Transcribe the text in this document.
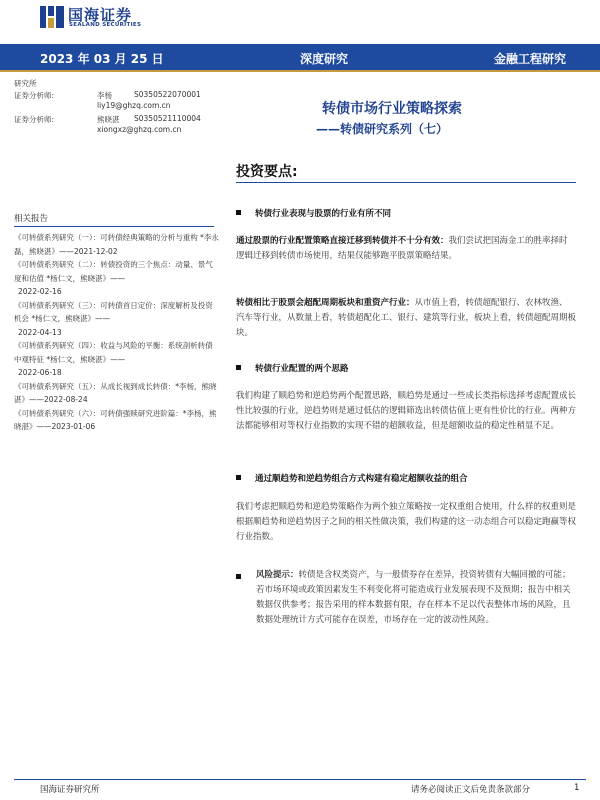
国海证券
SEALAND SECURITIES
2023 年 03 月 25 日	深度研究	金融工程研究
研究所
证券分析师:	李杨	S0350522070001
liy19@ghzq.com.cn
证券分析师:	熊晓湛 S0350521110004
xiongxz@ghzq.com.cn
转债市场行业策略探索
——转债研究系列（七）
相关报告
《可转债系列研究（一）：可转债经典策略的分析与重构 *李永磊，熊晓湛》——2021-12-02
《可转债系列研究（二）：转债投资的三个焦点：动量、景气度和估值 *杨仁文，熊晓湛》——
2022-02-16
《可转债系列研究（三）：可转债首日定价：深度解析及投资机会 *杨仁文，熊晓湛》——
2022-04-13
《可转债系列研究（四）：收益与风险的平衡：系统剖析转债中观特征 *杨仁文，熊晓湛》——
2022-06-18
《可转债系列研究（五）：从成长视到成长转债：*李杨，熊晓湛》——2022-08-24
《可转债系列研究（六）：可转债强赎研究进阶篇：*李杨，熊晓湛》——2023-01-06
投资要点:
转债行业表现与股票的行业有所不同
通过股票的行业配置策略直接迁移到转债并不十分有效：我们尝试把国海金工的胜率择时逻辑迁移到转债市场使用，结果仅能够跑平股票策略结果。
转债相比于股票会超配周期板块和重资产行业：从市值上看，转债超配银行、农林牧渔、汽车等行业，从数量上看，转债超配化工、银行、建筑等行业，板块上看，转债超配周期板块。
转债行业配置的两个思路
我们构建了顺趋势和逆趋势两个配置思路，顺趋势是通过一些成长类指标选择考虑配置成长性比较强的行业，逆趋势则是通过低估的逻辑筛选出转债估值上更有性价比的行业。两种方法都能够相对等权行业指数的实现不错的超额收益，但是超额收益的稳定性稍显不足。
通过顺趋势和逆趋势组合方式构建有稳定超额收益的组合
我们考虑把顺趋势和逆趋势策略作为两个独立策略按一定权重组合使用，什么样的权重则是根据顺趋势和逆趋势因子之间的相关性做决策，我们构建的这一动态组合可以稳定跑赢等权行业指数。
风险提示：转债是含权类资产，与一般债券存在差异，投资转债有大幅回撤的可能；若市场环境或政策因素发生不利变化将可能造成行业发展表现不及预期；报告中相关数据仅供参考；报告采用的样本数据有限，存在样本不足以代表整体市场的风险，且数据处理统计方式可能存在误差，市场存在一定的波动性风险。
国海证券研究所	请务必阅读正文后免责条款部分	1
